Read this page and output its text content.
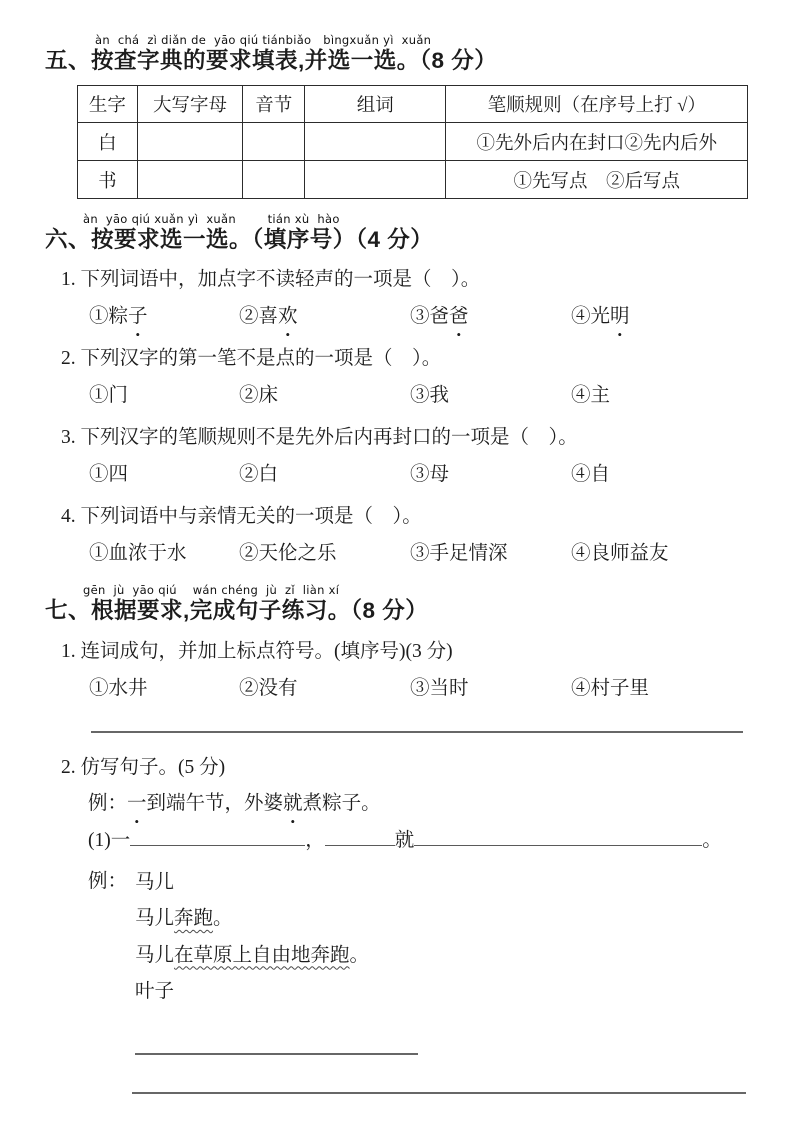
àn  chá  zì diǎn de  yāo qiú tiánbiǎo   bìngxuǎn yì  xuǎn
五、按查字典的要求填表,并选一选。（8 分）
生字	大写字母	音节	组词	笔顺规则（在序号上打 √）
白				①先外后内在封口②先内后外
书				①先写点　②后写点
àn  yāo qiú xuǎn yì  xuǎn        tián xù  hào
六、按要求选一选。（填序号）（4 分）
1. 下列词语中，加点字不读轻声的一项是（　）。
①粽子	②喜欢	③爸爸	④光明
2. 下列汉字的第一笔不是点的一项是（　）。
①门	②床	③我	④主
3. 下列汉字的笔顺规则不是先外后内再封口的一项是（　）。
①四	②白	③母	④自
4. 下列词语中与亲情无关的一项是（　）。
①血浓于水	②天伦之乐	③手足情深	④良师益友
gēn  jù  yāo qiú    wán chéng  jù  zǐ  liàn xí
七、根据要求,完成句子练习。（8 分）
1. 连词成句，并加上标点符号。(填序号)(3 分)
①水井	②没有	③当时	④村子里
2. 仿写句子。(5 分)
例：一到端午节，外婆就煮粽子。
(1)一	，	就	。
例： 马儿
马儿奔跑。
马儿在草原上自由地奔跑。
叶子
